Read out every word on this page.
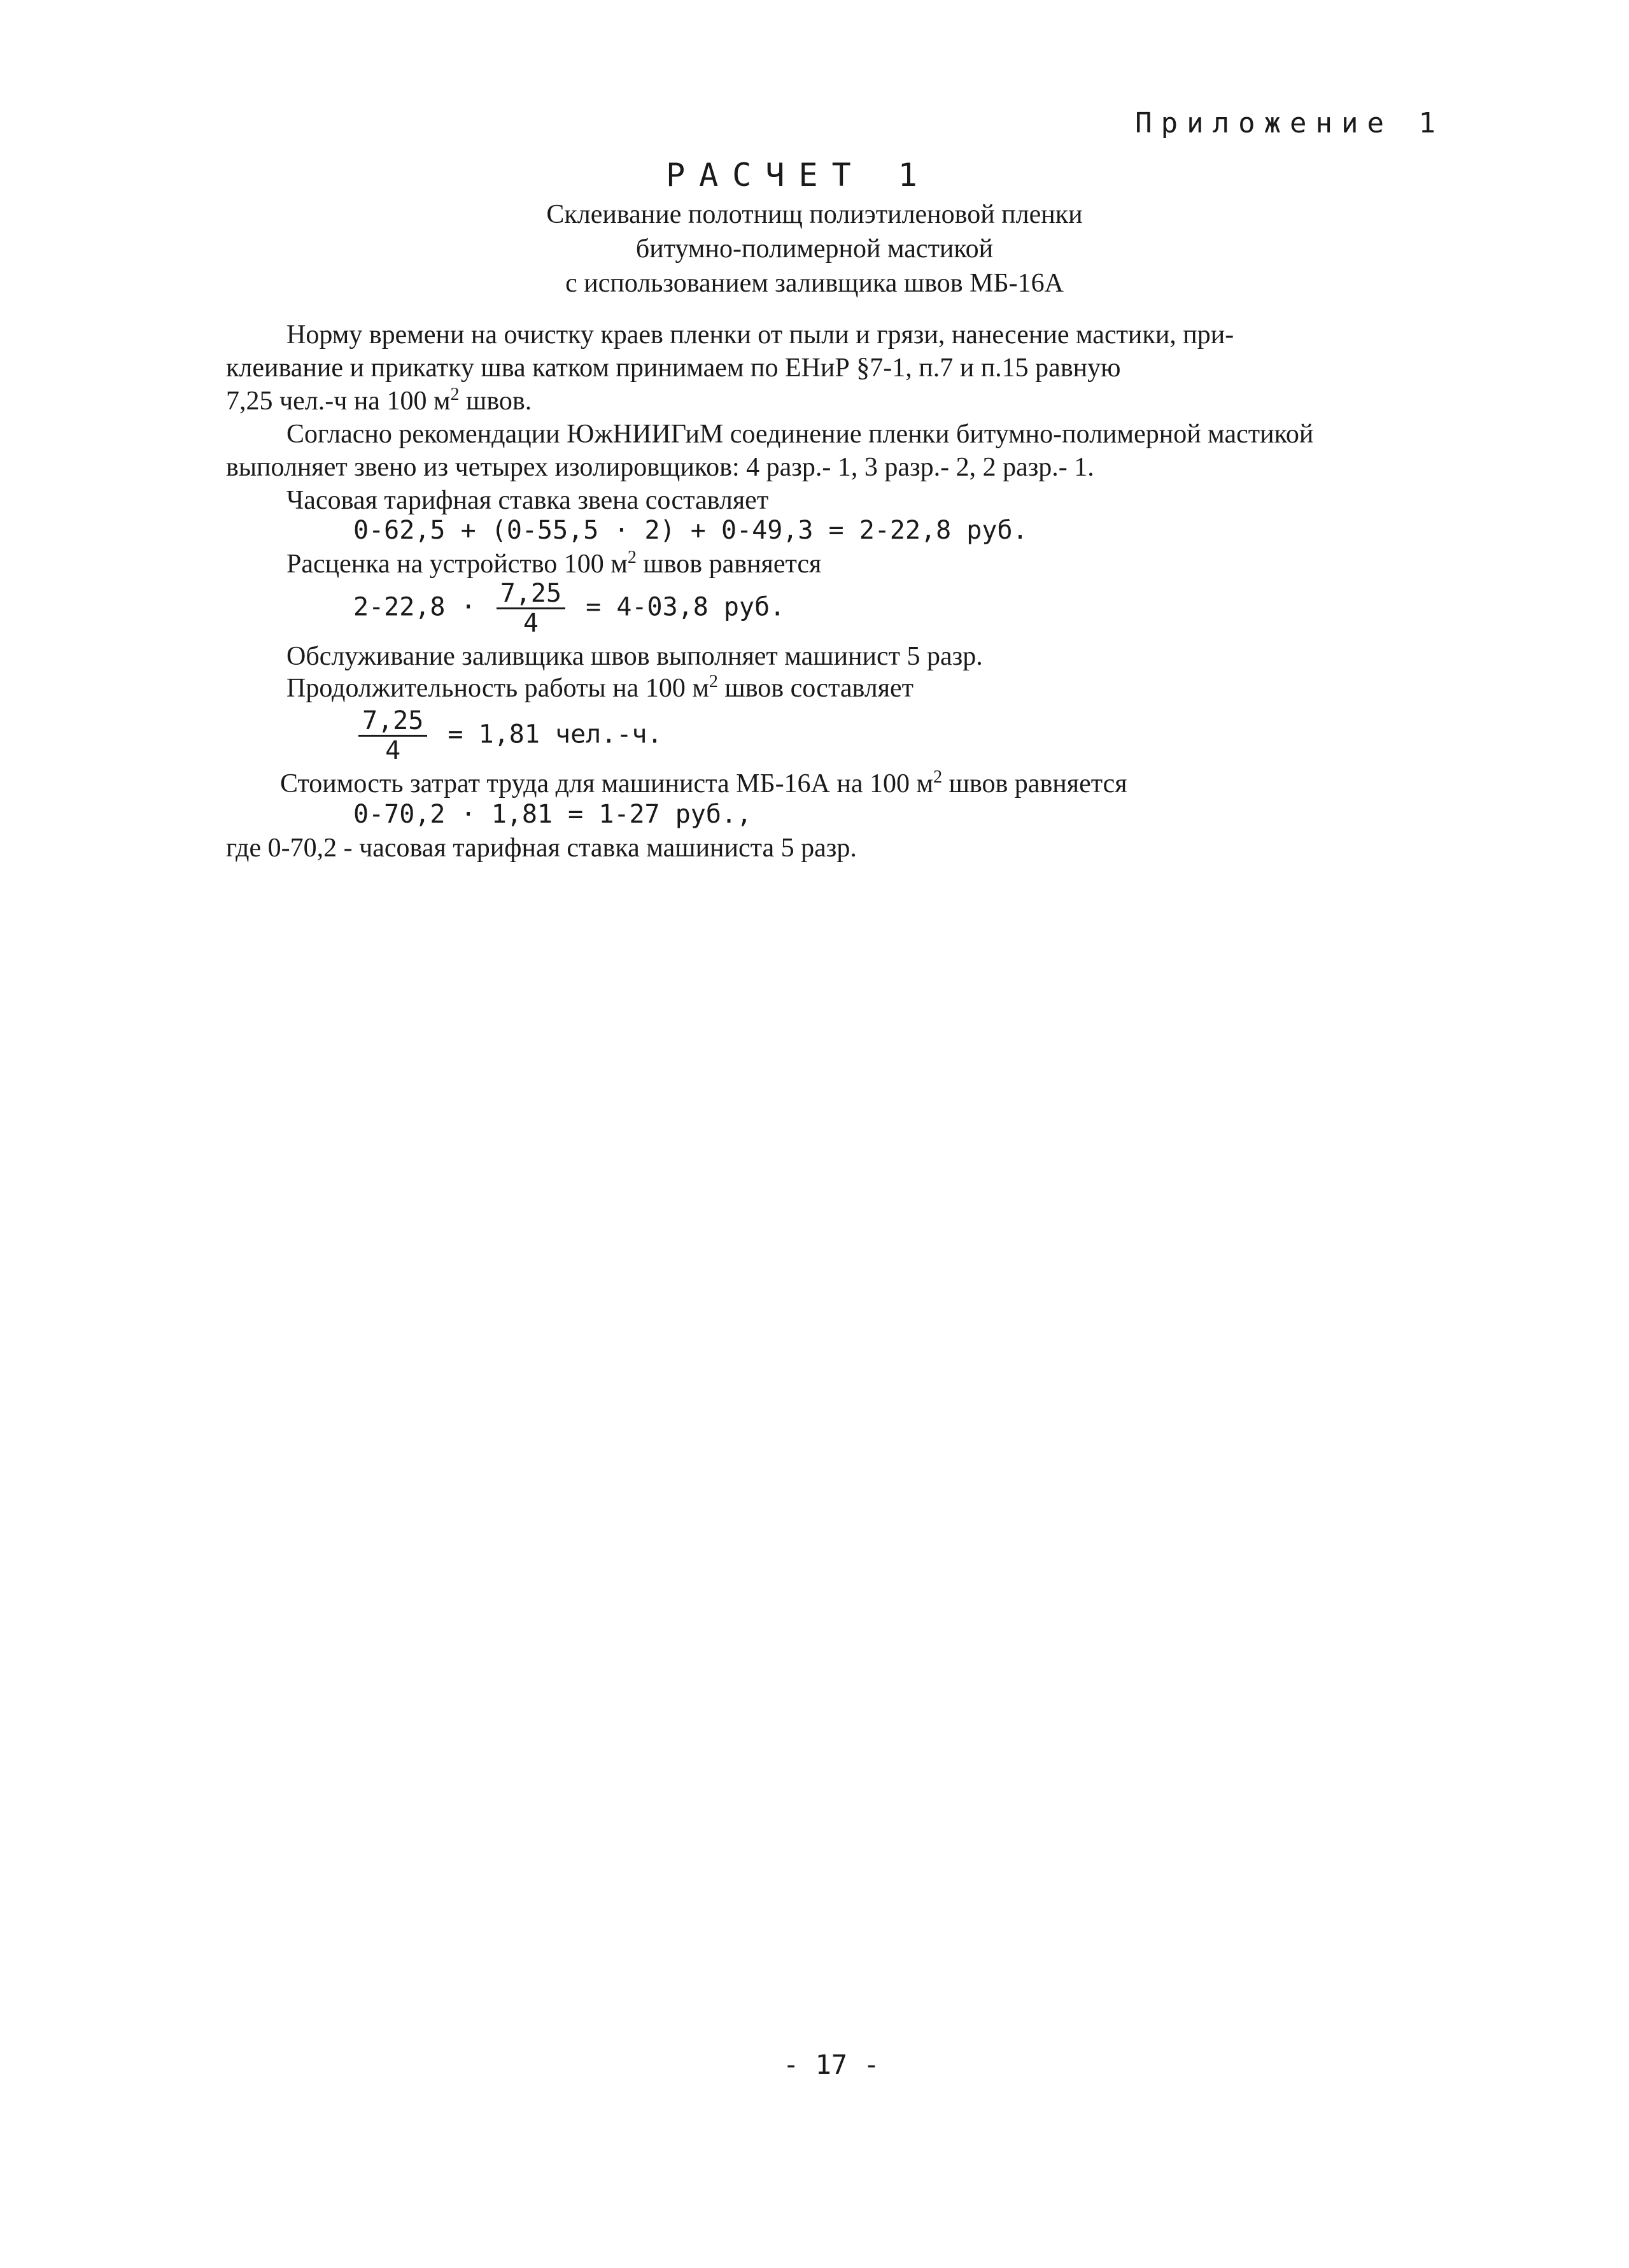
Приложение 1
РАСЧЕТ 1
Склеивание полотнищ полиэтиленовой пленки
битумно-полимерной мастикой
с использованием заливщика швов МБ-16А
Норму времени на очистку краев пленки от пыли и грязи, нанесение мастики, при-
клеивание и прикатку шва катком принимаем по ЕНиР §7-1, п.7 и п.15 равную
7,25 чел.-ч на 100 $м^2$ швов.
Согласно рекомендации ЮжНИИГиМ соединение пленки битумно-полимерной мастикой
выполняет звено из четырех изолировщиков: 4 разр.- 1, 3 разр.- 2, 2 разр.- 1.
Часовая тарифная ставка звена составляет
0-62,5 + (0-55,5 · 2) + 0-49,3 = 2-22,8 руб.
Расценка на устройство 100 $м^2$ швов равняется
$2-22,8 \cdot \frac{7,25}{4} = 4-03,8$ руб.
Обслуживание заливщика швов выполняет машинист 5 разр.
Продолжительность работы на 100 $м^2$ швов составляет
$\frac{7,25}{4} = 1,81$ чел.-ч.
Стоимость затрат труда для машиниста МБ-16А на 100 $м^2$ швов равняется
0-70,2 · 1,81 = 1-27 руб.,
где 0-70,2 - часовая тарифная ставка машиниста 5 разр.
- 17 -
